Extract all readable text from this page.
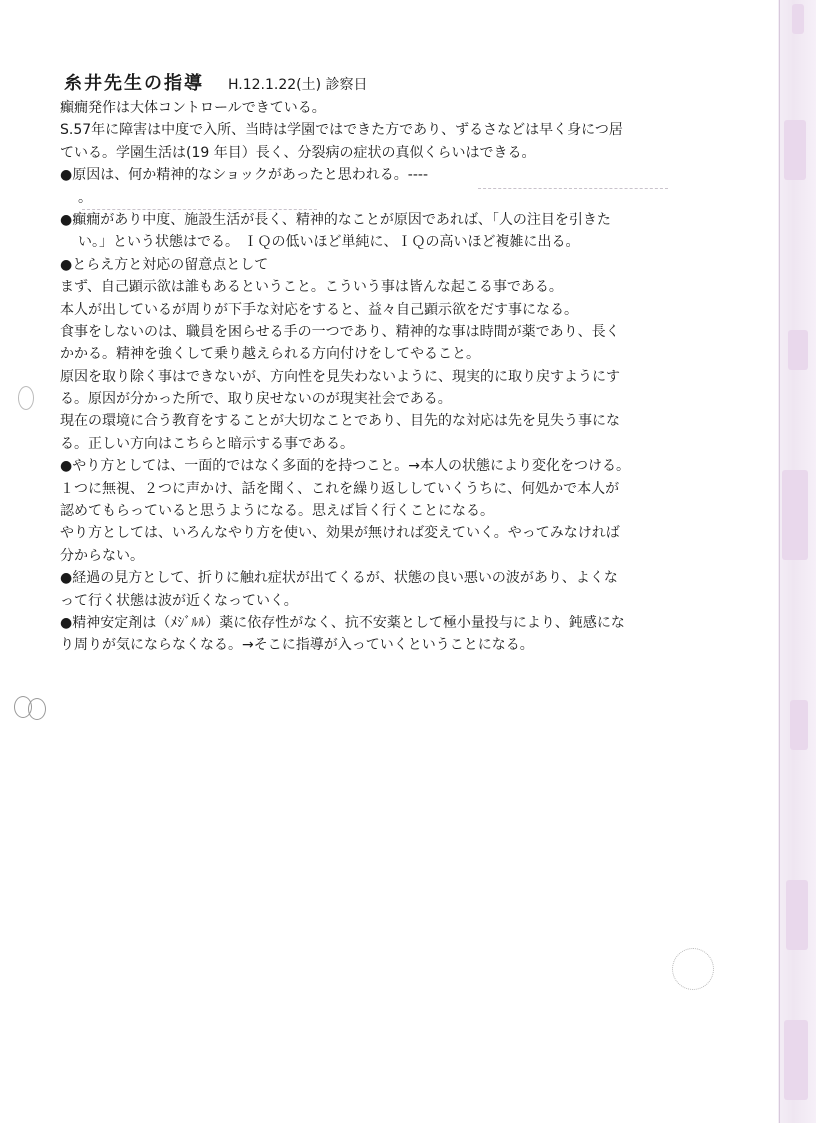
糸井先生の指導 H.12.1.22(土) 診察日
癲癇発作は大体コントロールできている。
S.57年に障害は中度で入所、当時は学園ではできた方であり、ずるさなどは早く身につ居
ている。学園生活は(19 年目）長く、分裂病の症状の真似くらいはできる。
●原因は、何か精神的なショックがあったと思われる。----
。
●癲癇があり中度、施設生活が長く、精神的なことが原因であれば、「人の注目を引きた
い。」という状態はでる。 ＩＱの低いほど単純に、ＩＱの高いほど複雑に出る。
●とらえ方と対応の留意点として
まず、自己顕示欲は誰もあるということ。こういう事は皆んな起こる事である。
本人が出しているが周りが下手な対応をすると、益々自己顕示欲をだす事になる。
食事をしないのは、職員を困らせる手の一つであり、精神的な事は時間が薬であり、長く
かかる。精神を強くして乗り越えられる方向付けをしてやること。
原因を取り除く事はできないが、方向性を見失わないように、現実的に取り戻すようにす
る。原因が分かった所で、取り戻せないのが現実社会である。
現在の環境に合う教育をすることが大切なことであり、目先的な対応は先を見失う事にな
る。正しい方向はこちらと暗示する事である。
●やり方としては、一面的ではなく多面的を持つこと。→本人の状態により変化をつける。
１つに無視、２つに声かけ、話を聞く、これを繰り返ししていくうちに、何処かで本人が
認めてもらっていると思うようになる。思えば旨く行くことになる。
やり方としては、いろんなやり方を使い、効果が無ければ変えていく。やってみなければ
分からない。
●経過の見方として、折りに触れ症状が出てくるが、状態の良い悪いの波があり、よくな
って行く状態は波が近くなっていく。
●精神安定剤は（ﾒｼﾞﾙﾙ）薬に依存性がなく、抗不安薬として極小量投与により、鈍感にな
り周りが気にならなくなる。→そこに指導が入っていくということになる。
